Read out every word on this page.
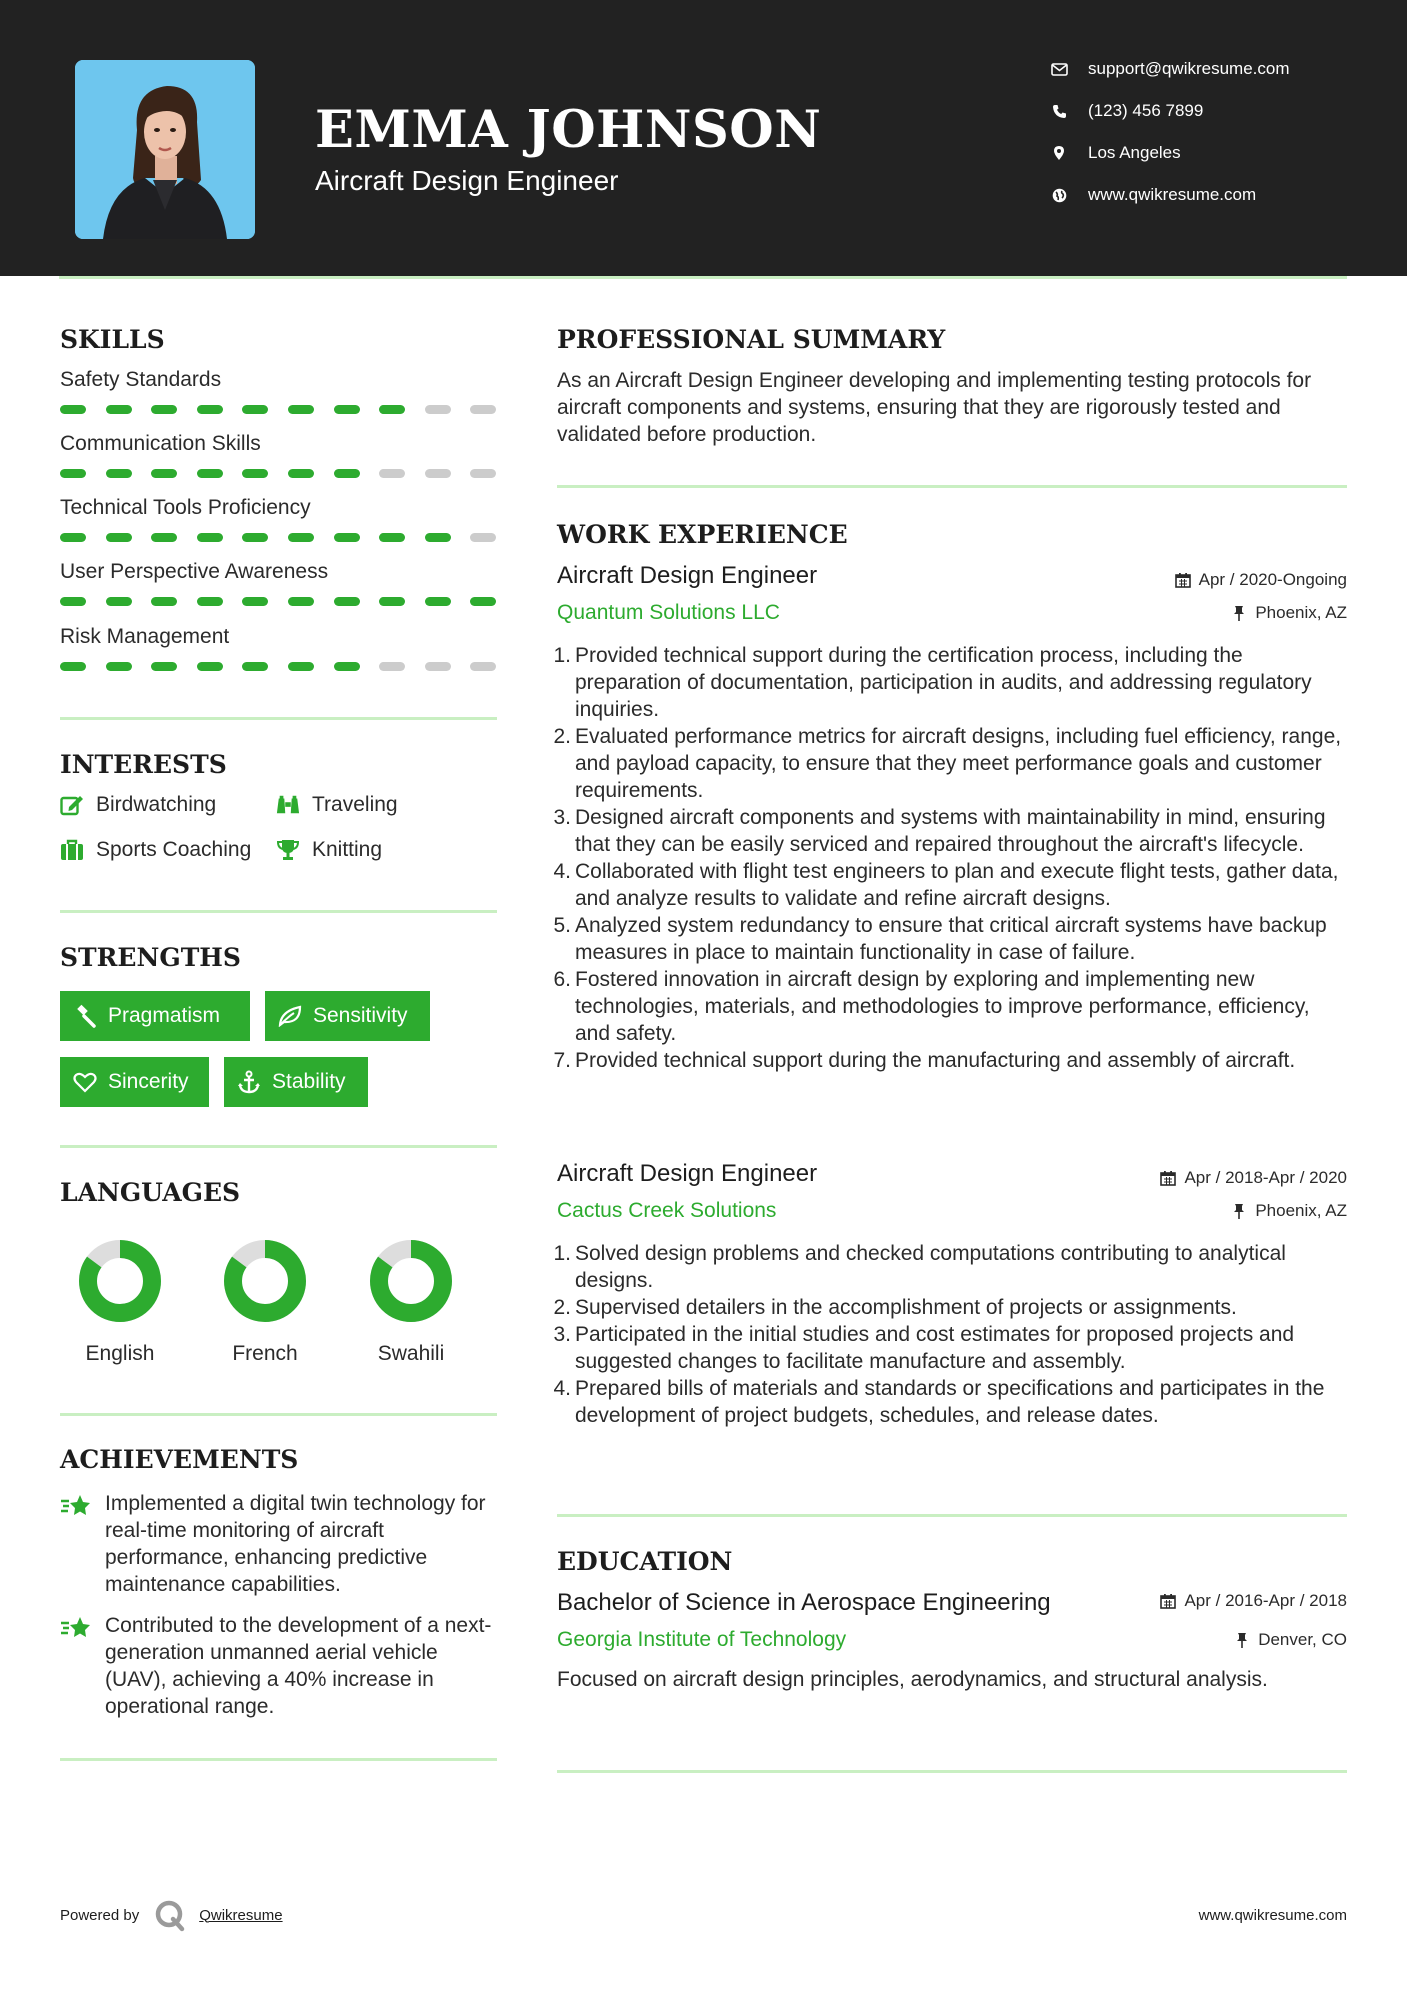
EMMA JOHNSON
Aircraft Design Engineer
support@qwikresume.com
(123) 456 7899
Los Angeles
www.qwikresume.com
SKILLS
Safety Standards
Communication Skills
Technical Tools Proficiency
User Perspective Awareness
Risk Management
INTERESTS
Birdwatching	Traveling
Sports Coaching	Knitting
STRENGTHS
Pragmatism	Sensitivity
Sincerity	Stability
LANGUAGES
English	French	Swahili
ACHIEVEMENTS
Implemented a digital twin technology for real-time monitoring of aircraft performance, enhancing predictive maintenance capabilities.
Contributed to the development of a next-generation unmanned aerial vehicle (UAV), achieving a 40% increase in operational range.
PROFESSIONAL SUMMARY
As an Aircraft Design Engineer developing and implementing testing protocols for aircraft components and systems, ensuring that they are rigorously tested and validated before production.
WORK EXPERIENCE
Aircraft Design Engineer	Apr / 2020-Ongoing
Quantum Solutions LLC	Phoenix, AZ
1. Provided technical support during the certification process, including the preparation of documentation, participation in audits, and addressing regulatory inquiries.
2. Evaluated performance metrics for aircraft designs, including fuel efficiency, range, and payload capacity, to ensure that they meet performance goals and customer requirements.
3. Designed aircraft components and systems with maintainability in mind, ensuring that they can be easily serviced and repaired throughout the aircraft's lifecycle.
4. Collaborated with flight test engineers to plan and execute flight tests, gather data, and analyze results to validate and refine aircraft designs.
5. Analyzed system redundancy to ensure that critical aircraft systems have backup measures in place to maintain functionality in case of failure.
6. Fostered innovation in aircraft design by exploring and implementing new technologies, materials, and methodologies to improve performance, efficiency, and safety.
7. Provided technical support during the manufacturing and assembly of aircraft.
Aircraft Design Engineer	Apr / 2018-Apr / 2020
Cactus Creek Solutions	Phoenix, AZ
1. Solved design problems and checked computations contributing to analytical designs.
2. Supervised detailers in the accomplishment of projects or assignments.
3. Participated in the initial studies and cost estimates for proposed projects and suggested changes to facilitate manufacture and assembly.
4. Prepared bills of materials and standards or specifications and participates in the development of project budgets, schedules, and release dates.
EDUCATION
Bachelor of Science in Aerospace Engineering	Apr / 2016-Apr / 2018
Georgia Institute of Technology	Denver, CO
Focused on aircraft design principles, aerodynamics, and structural analysis.
Powered by	Qwikresume	www.qwikresume.com
